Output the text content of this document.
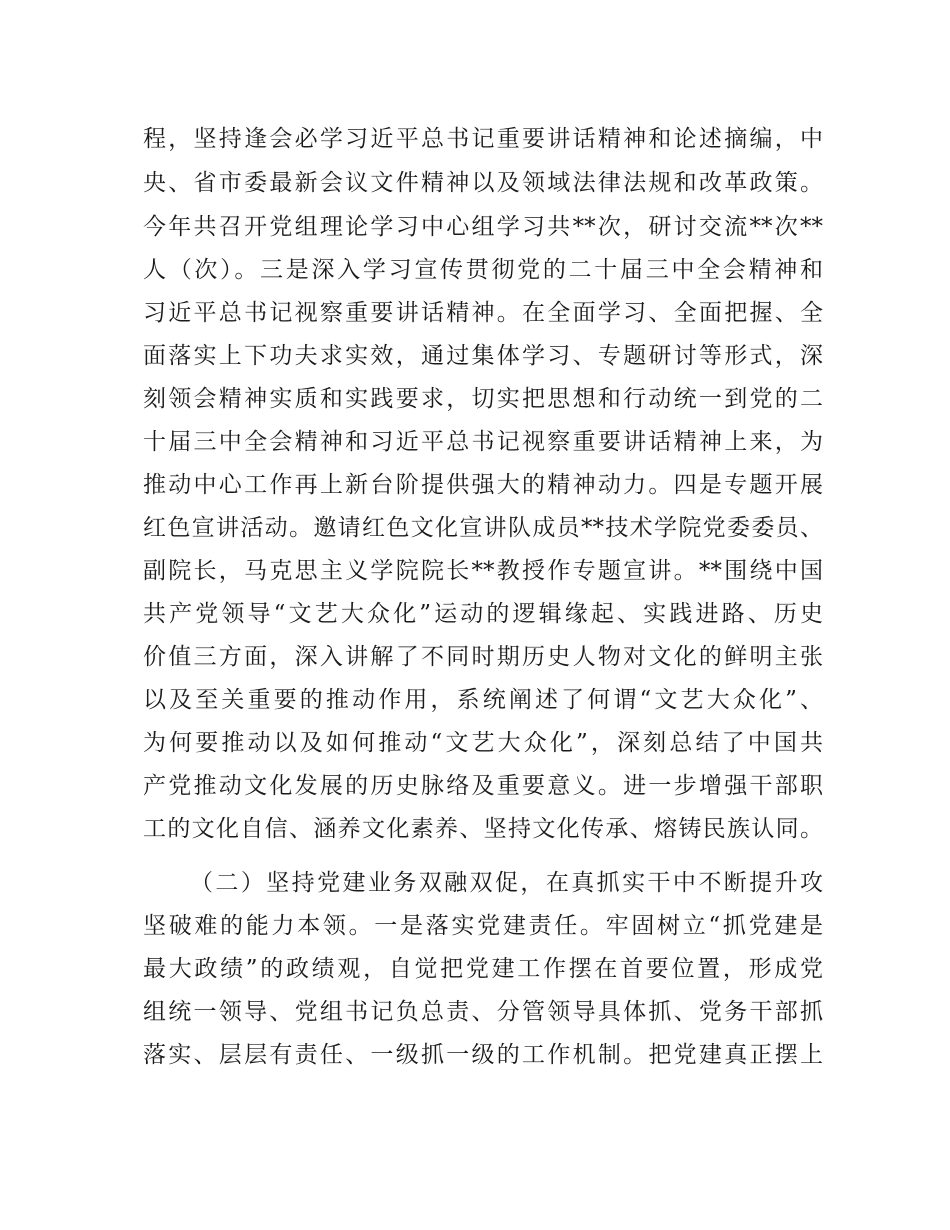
程，坚持逢会必学习近平总书记重要讲话精神和论述摘编，中
央、省市委最新会议文件精神以及领域法律法规和改革政策。
今年共召开党组理论学习中心组学习共**次，研讨交流**次**
人（次）。三是深入学习宣传贯彻党的二十届三中全会精神和
习近平总书记视察重要讲话精神。在全面学习、全面把握、全
面落实上下功夫求实效，通过集体学习、专题研讨等形式，深
刻领会精神实质和实践要求，切实把思想和行动统一到党的二
十届三中全会精神和习近平总书记视察重要讲话精神上来，为
推动中心工作再上新台阶提供强大的精神动力。四是专题开展
红色宣讲活动。邀请红色文化宣讲队成员**技术学院党委委员、
副院长，马克思主义学院院长**教授作专题宣讲。**围绕中国
共产党领导“文艺大众化”运动的逻辑缘起、实践进路、历史
价值三方面，深入讲解了不同时期历史人物对文化的鲜明主张
以及至关重要的推动作用，系统阐述了何谓“文艺大众化”、
为何要推动以及如何推动“文艺大众化”，深刻总结了中国共
产党推动文化发展的历史脉络及重要意义。进一步增强干部职
工的文化自信、涵养文化素养、坚持文化传承、熔铸民族认同。
（二）坚持党建业务双融双促，在真抓实干中不断提升攻
坚破难的能力本领。一是落实党建责任。牢固树立“抓党建是
最大政绩”的政绩观，自觉把党建工作摆在首要位置，形成党
组统一领导、党组书记负总责、分管领导具体抓、党务干部抓
落实、层层有责任、一级抓一级的工作机制。把党建真正摆上
